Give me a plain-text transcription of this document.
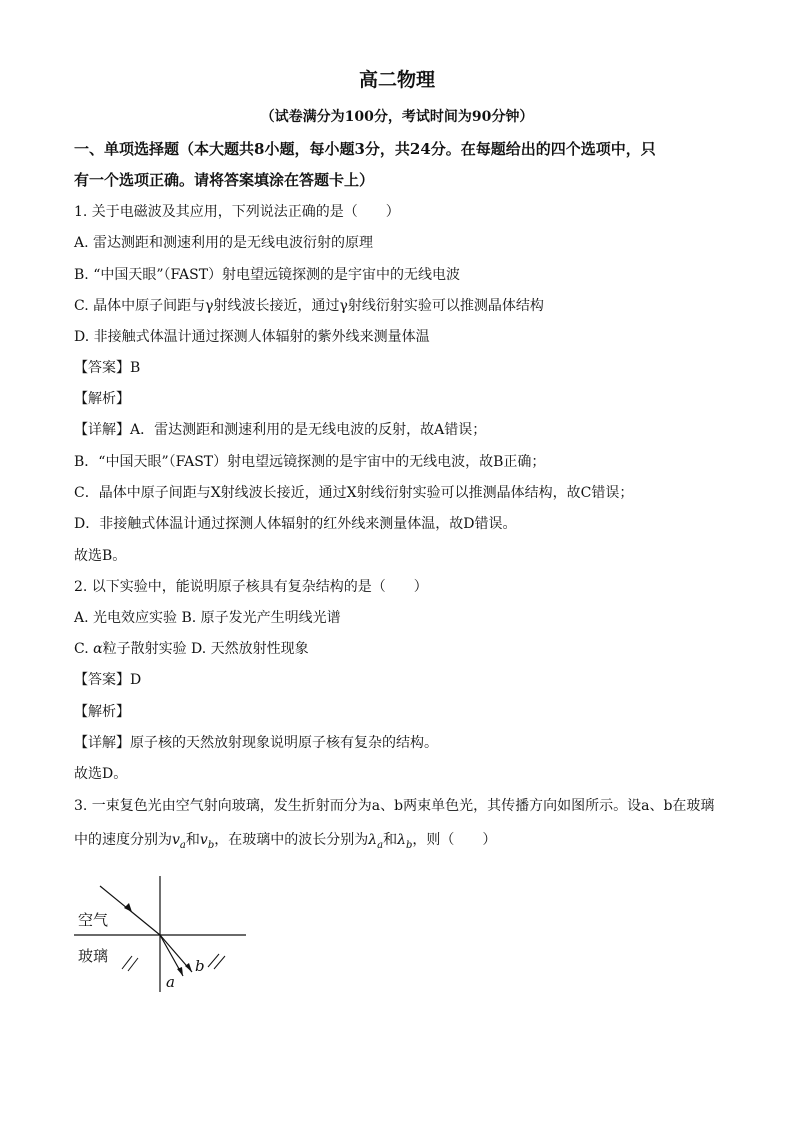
高二物理
（试卷满分为100分，考试时间为90分钟）
一、单项选择题（本大题共8小题，每小题3分，共24分。在每题给出的四个选项中，只
有一个选项正确。请将答案填涂在答题卡上）
1. 关于电磁波及其应用，下列说法正确的是（　　）
A. 雷达测距和测速利用的是无线电波衍射的原理
B. “中国天眼”（FAST）射电望远镜探测的是宇宙中的无线电波
C. 晶体中原子间距与γ射线波长接近，通过γ射线衍射实验可以推测晶体结构
D. 非接触式体温计通过探测人体辐射的紫外线来测量体温
【答案】B
【解析】
【详解】A．雷达测距和测速利用的是无线电波的反射，故A错误；
B．“中国天眼”（FAST）射电望远镜探测的是宇宙中的无线电波，故B正确；
C．晶体中原子间距与X射线波长接近，通过X射线衍射实验可以推测晶体结构，故C错误；
D．非接触式体温计通过探测人体辐射的红外线来测量体温，故D错误。
故选B。
2. 以下实验中，能说明原子核具有复杂结构的是（　　）
A. 光电效应实验 B. 原子发光产生明线光谱
C. α粒子散射实验 D. 天然放射性现象
【答案】D
【解析】
【详解】原子核的天然放射现象说明原子核有复杂的结构。
故选D。
3. 一束复色光由空气射向玻璃，发生折射而分为a、b两束单色光，其传播方向如图所示。设a、b在玻璃
中的速度分别为$v_a$和$v_b$，在玻璃中的波长分别为$\lambda_a$和$\lambda_b$，则（　　）
空气
玻璃
a
b
